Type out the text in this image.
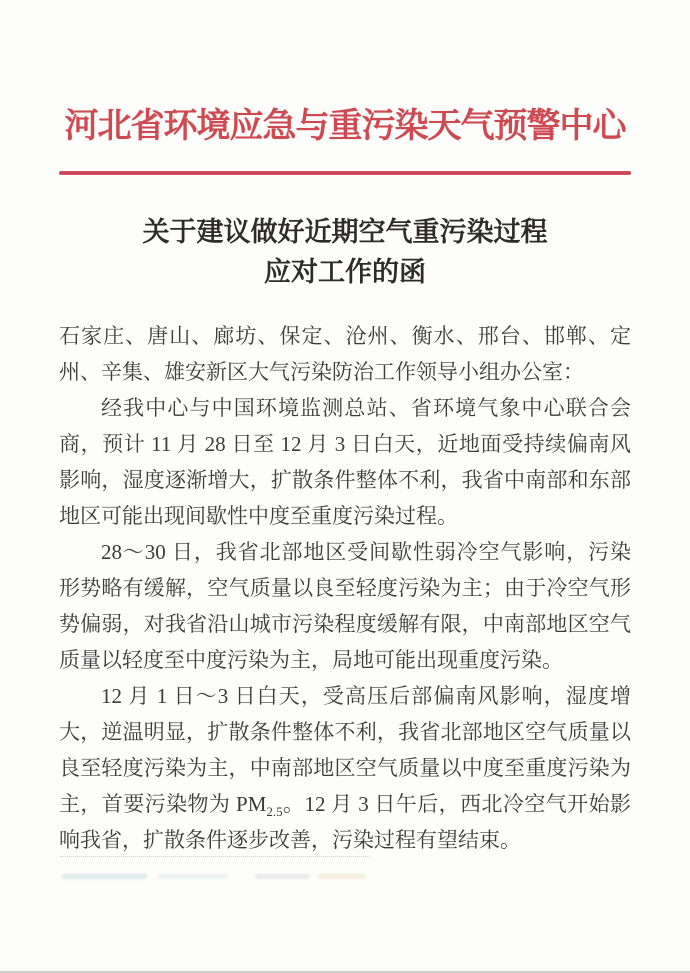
河北省环境应急与重污染天气预警中心
关于建议做好近期空气重污染过程
应对工作的函

石家庄、唐山、廊坊、保定、沧州、衡水、邢台、邯郸、定州、辛集、雄安新区大气污染防治工作领导小组办公室：

经我中心与中国环境监测总站、省环境气象中心联合会商，预计 11 月 28 日至 12 月 3 日白天，近地面受持续偏南风影响，湿度逐渐增大，扩散条件整体不利，我省中南部和东部地区可能出现间歇性中度至重度污染过程。

28～30 日，我省北部地区受间歇性弱冷空气影响，污染形势略有缓解，空气质量以良至轻度污染为主；由于冷空气形势偏弱，对我省沿山城市污染程度缓解有限，中南部地区空气质量以轻度至中度污染为主，局地可能出现重度污染。

12 月 1 日～3 日白天，受高压后部偏南风影响，湿度增大，逆温明显，扩散条件整体不利，我省北部地区空气质量以良至轻度污染为主，中南部地区空气质量以中度至重度污染为主，首要污染物为 $PM_{2.5}$。12 月 3 日午后，西北冷空气开始影响我省，扩散条件逐步改善，污染过程有望结束。
